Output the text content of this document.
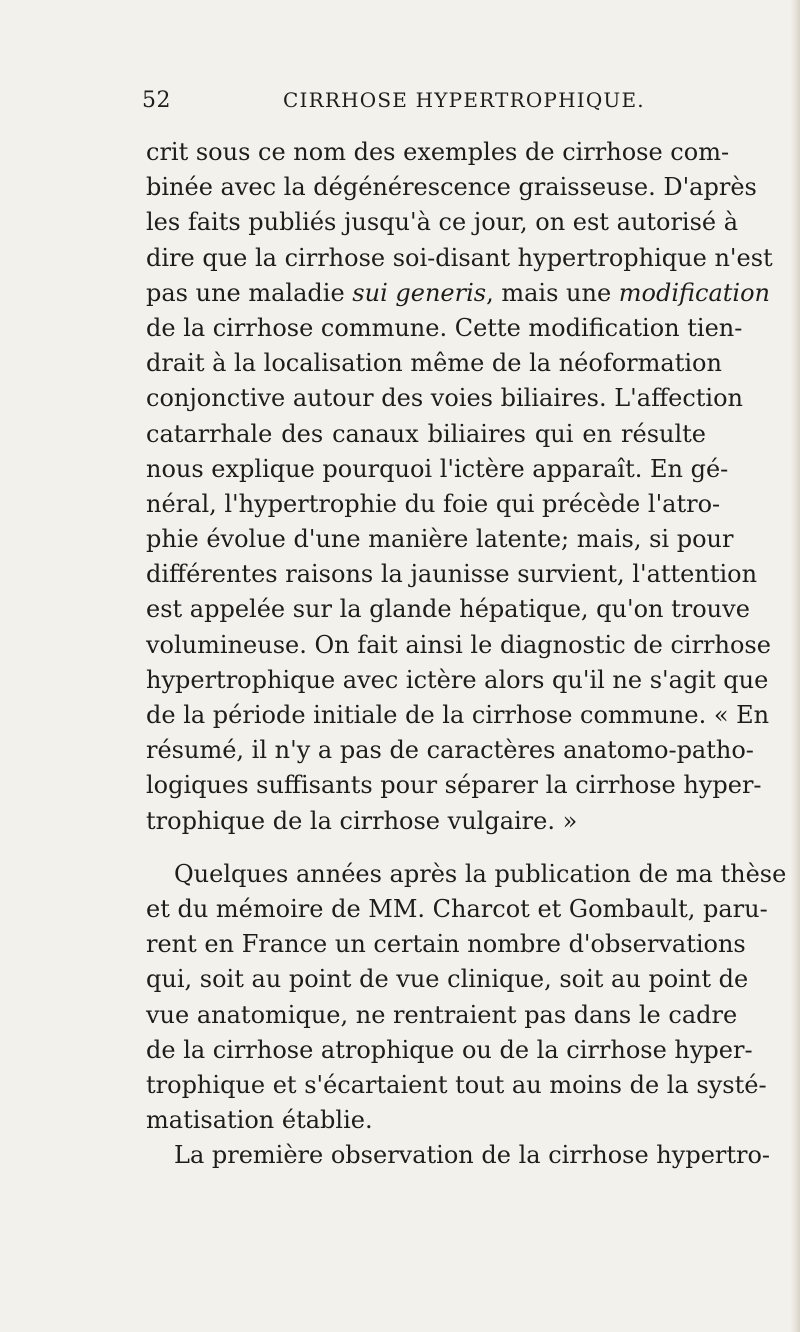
52	CIRRHOSE HYPERTROPHIQUE.
crit sous ce nom des exemples de cirrhose com-
binée avec la dégénérescence graisseuse. D'après
les faits publiés jusqu'à ce jour, on est autorisé à
dire que la cirrhose soi-disant hypertrophique n'est
pas une maladie sui generis, mais une modification
de la cirrhose commune. Cette modification tien-
drait à la localisation même de la néoformation
conjonctive autour des voies biliaires. L'affection
catarrhale des canaux biliaires qui en résulte
nous explique pourquoi l'ictère apparaît. En gé-
néral, l'hypertrophie du foie qui précède l'atro-
phie évolue d'une manière latente; mais, si pour
différentes raisons la jaunisse survient, l'attention
est appelée sur la glande hépatique, qu'on trouve
volumineuse. On fait ainsi le diagnostic de cirrhose
hypertrophique avec ictère alors qu'il ne s'agit que
de la période initiale de la cirrhose commune. « En
résumé, il n'y a pas de caractères anatomo-patho-
logiques suffisants pour séparer la cirrhose hyper-
trophique de la cirrhose vulgaire. »
Quelques années après la publication de ma thèse
et du mémoire de MM. Charcot et Gombault, paru-
rent en France un certain nombre d'observations
qui, soit au point de vue clinique, soit au point de
vue anatomique, ne rentraient pas dans le cadre
de la cirrhose atrophique ou de la cirrhose hyper-
trophique et s'écartaient tout au moins de la systé-
matisation établie.
La première observation de la cirrhose hypertro-
